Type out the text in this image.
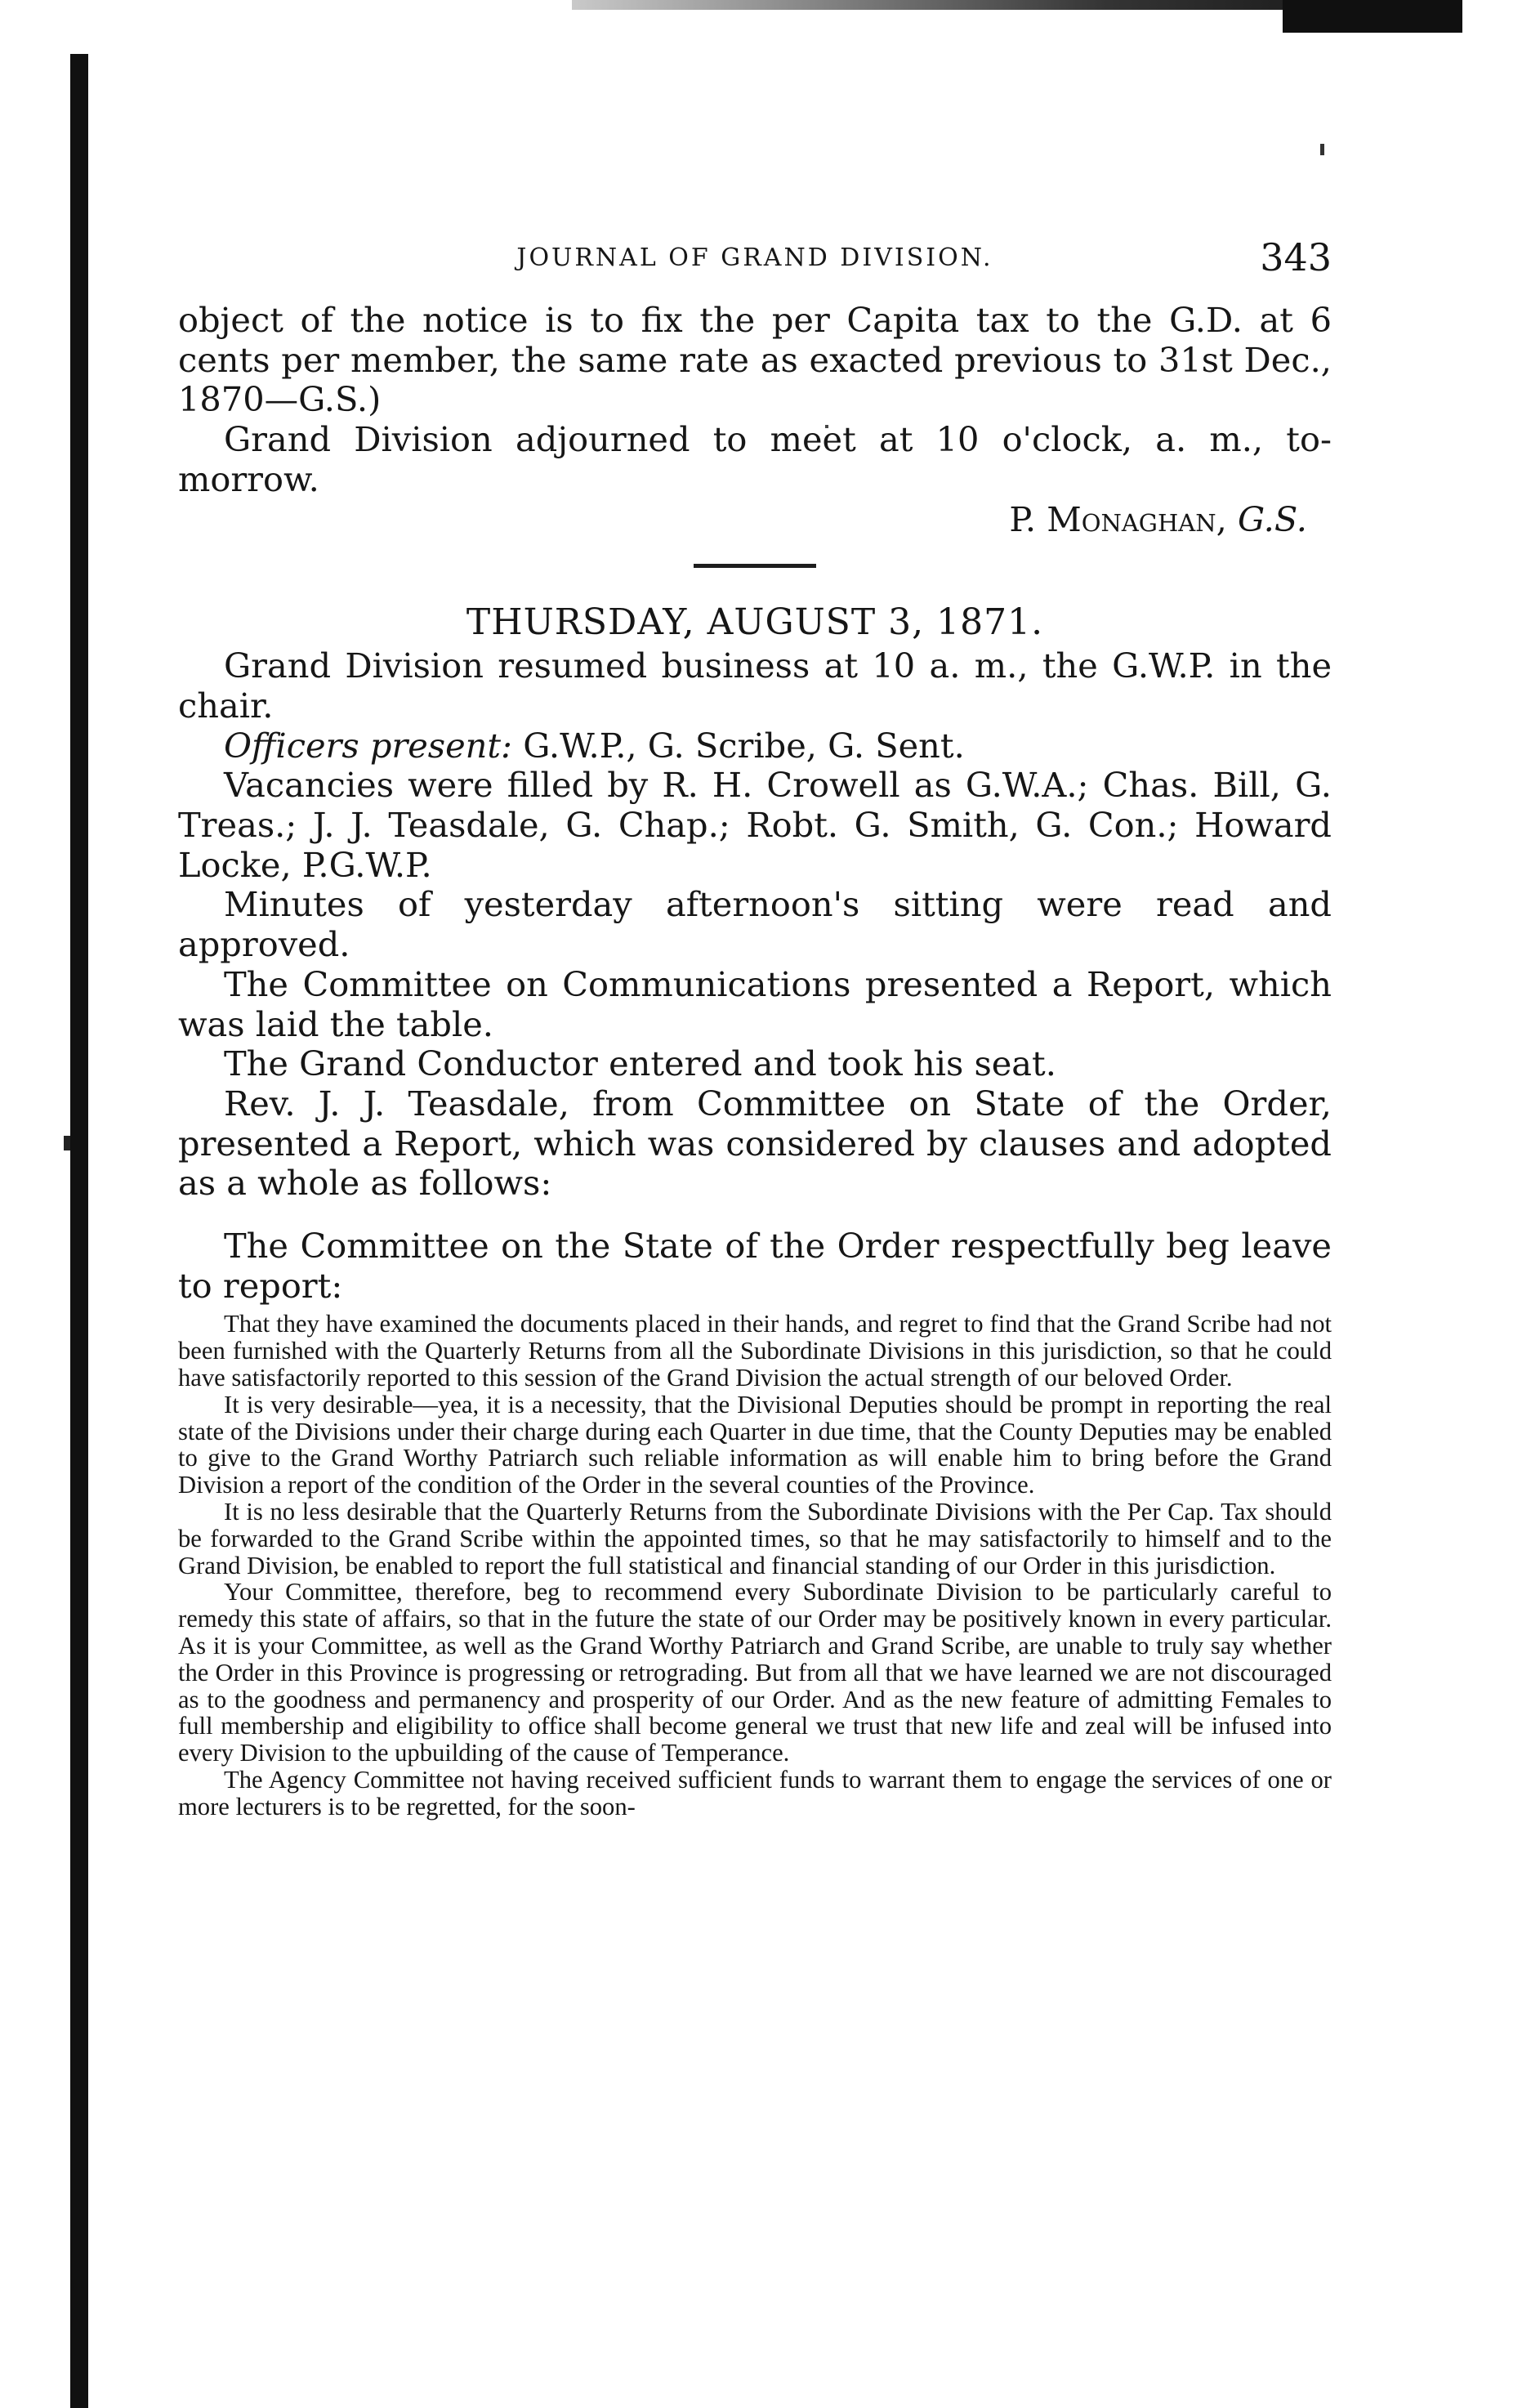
JOURNAL OF GRAND DIVISION.	343

object of the notice is to fix the per Capita tax to the G.D. at 6 cents per member, the same rate as exacted previous to 31st Dec., 1870—G.S.)

Grand Division adjourned to meet at 10 o'clock, a. m., to-morrow.

P. Monaghan, G.S.

THURSDAY, AUGUST 3, 1871.

Grand Division resumed business at 10 a. m., the G.W.P. in the chair.

Officers present: G.W.P., G. Scribe, G. Sent.

Vacancies were filled by R. H. Crowell as G.W.A.; Chas. Bill, G. Treas.; J. J. Teasdale, G. Chap.; Robt. G. Smith, G. Con.; Howard Locke, P.G.W.P.

Minutes of yesterday afternoon's sitting were read and approved.

The Committee on Communications presented a Report, which was laid the table.

The Grand Conductor entered and took his seat.

Rev. J. J. Teasdale, from Committee on State of the Order, presented a Report, which was considered by clauses and adopted as a whole as follows:

The Committee on the State of the Order respectfully beg leave to report:

That they have examined the documents placed in their hands, and regret to find that the Grand Scribe had not been furnished with the Quarterly Returns from all the Subordinate Divisions in this jurisdiction, so that he could have satisfactorily reported to this session of the Grand Division the actual strength of our beloved Order.

It is very desirable—yea, it is a necessity, that the Divisional Deputies should be prompt in reporting the real state of the Divisions under their charge during each Quarter in due time, that the County Deputies may be enabled to give to the Grand Worthy Patriarch such reliable information as will enable him to bring before the Grand Division a report of the condition of the Order in the several counties of the Province.

It is no less desirable that the Quarterly Returns from the Subordinate Divisions with the Per Cap. Tax should be forwarded to the Grand Scribe within the appointed times, so that he may satisfactorily to himself and to the Grand Division, be enabled to report the full statistical and financial standing of our Order in this jurisdiction.

Your Committee, therefore, beg to recommend every Subordinate Division to be particularly careful to remedy this state of affairs, so that in the future the state of our Order may be positively known in every particular. As it is your Committee, as well as the Grand Worthy Patriarch and Grand Scribe, are unable to truly say whether the Order in this Province is progressing or retrograding. But from all that we have learned we are not discouraged as to the goodness and permanency and prosperity of our Order. And as the new feature of admitting Females to full membership and eligibility to office shall become general we trust that new life and zeal will be infused into every Division to the upbuilding of the cause of Temperance.

The Agency Committee not having received sufficient funds to warrant them to engage the services of one or more lecturers is to be regretted, for the soon-
